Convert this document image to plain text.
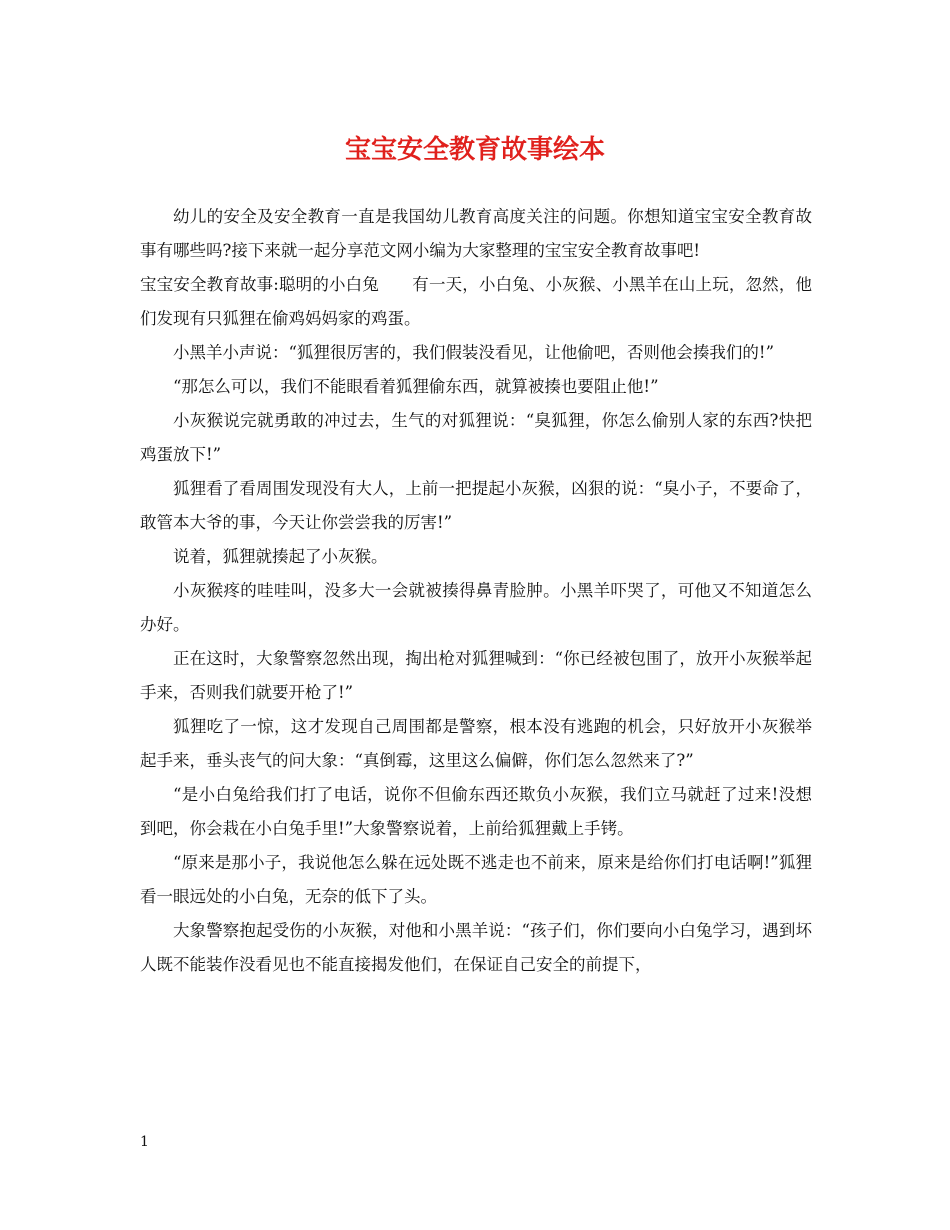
宝宝安全教育故事绘本

幼儿的安全及安全教育一直是我国幼儿教育高度关注的问题。你想知道宝宝安全教育故事有哪些吗?接下来就一起分享范文网小编为大家整理的宝宝安全教育故事吧!

宝宝安全教育故事:聪明的小白兔　　有一天，小白兔、小灰猴、小黑羊在山上玩，忽然，他们发现有只狐狸在偷鸡妈妈家的鸡蛋。

小黑羊小声说：“狐狸很厉害的，我们假装没看见，让他偷吧，否则他会揍我们的!”

“那怎么可以，我们不能眼看着狐狸偷东西，就算被揍也要阻止他!”

小灰猴说完就勇敢的冲过去，生气的对狐狸说：“臭狐狸，你怎么偷别人家的东西?快把鸡蛋放下!”

狐狸看了看周围发现没有大人，上前一把提起小灰猴，凶狠的说：“臭小子，不要命了，敢管本大爷的事，今天让你尝尝我的厉害!”

说着，狐狸就揍起了小灰猴。

小灰猴疼的哇哇叫，没多大一会就被揍得鼻青脸肿。小黑羊吓哭了，可他又不知道怎么办好。

正在这时，大象警察忽然出现，掏出枪对狐狸喊到：“你已经被包围了，放开小灰猴举起手来，否则我们就要开枪了!”

狐狸吃了一惊，这才发现自己周围都是警察，根本没有逃跑的机会，只好放开小灰猴举起手来，垂头丧气的问大象：“真倒霉，这里这么偏僻，你们怎么忽然来了?”

“是小白兔给我们打了电话，说你不但偷东西还欺负小灰猴，我们立马就赶了过来!没想到吧，你会栽在小白兔手里!”大象警察说着，上前给狐狸戴上手铐。

“原来是那小子，我说他怎么躲在远处既不逃走也不前来，原来是给你们打电话啊!”狐狸看一眼远处的小白兔，无奈的低下了头。

大象警察抱起受伤的小灰猴，对他和小黑羊说：“孩子们，你们要向小白兔学习，遇到坏人既不能装作没看见也不能直接揭发他们，在保证自己安全的前提下，

1
